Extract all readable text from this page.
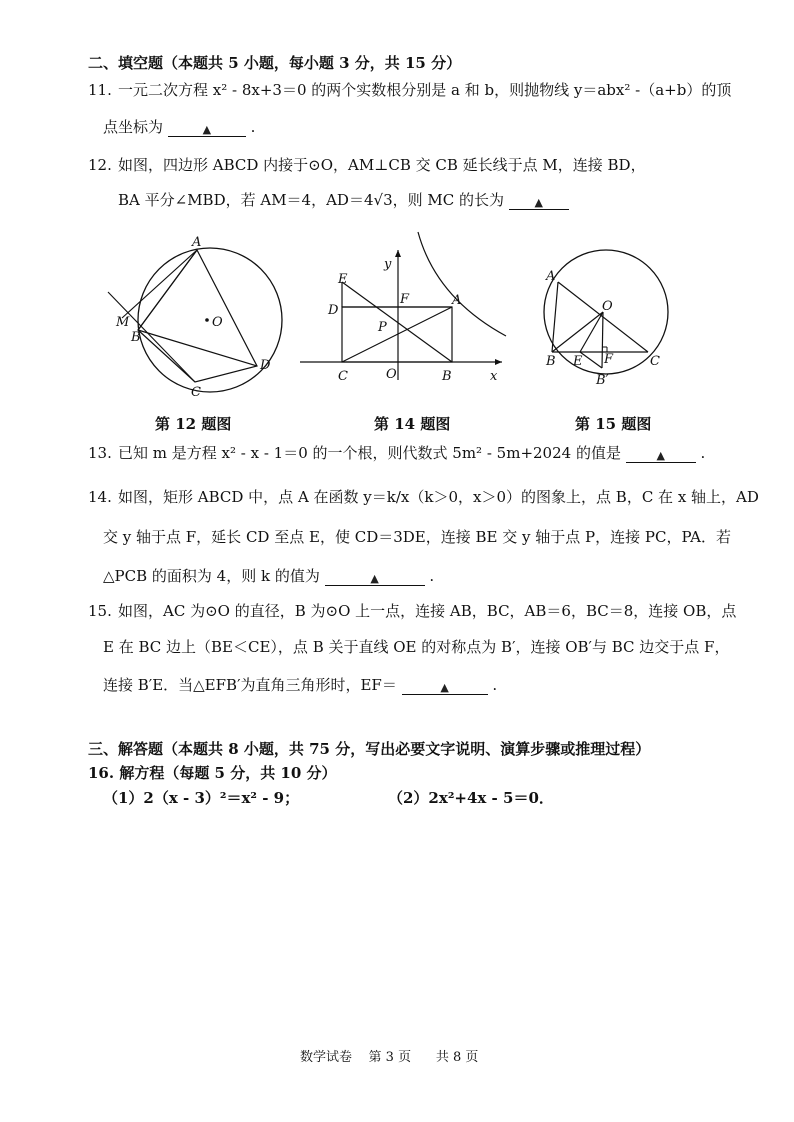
二、填空题（本题共 5 小题，每小题 3 分，共 15 分）
11. 一元二次方程 x² - 8x+3＝0 的两个实数根分别是 a 和 b，则抛物线 y＝abx² -（a+b）的顶
点坐标为	▲	.
12. 如图，四边形 ABCD 内接于⊙O，AM⊥CB 交 CB 延长线于点 M，连接 BD，
BA 平分∠MBD，若 AM＝4，AD＝4√3，则 MC 的长为	▲
A
M
B
O
C
D
第 12 题图
y
E
F	A
D
P
C	O	B	x
第 14 题图
A
O
B E F	C
B′
第 15 题图
13. 已知 m 是方程 x² - x - 1＝0 的一个根，则代数式 5m² - 5m+2024 的值是	▲ .
14. 如图，矩形 ABCD 中，点 A 在函数 y＝k/x（k＞0，x＞0）的图象上，点 B，C 在 x 轴上，AD
交 y 轴于点 F，延长 CD 至点 E，使 CD＝3DE，连接 BE 交 y 轴于点 P，连接 PC，PA．若
△PCB 的面积为 4，则 k 的值为	▲	.
15. 如图，AC 为⊙O 的直径，B 为⊙O 上一点，连接 AB，BC，AB＝6，BC＝8，连接 OB，点
E 在 BC 边上（BE＜CE），点 B 关于直线 OE 的对称点为 B′，连接 OB′与 BC 边交于点 F，
连接 B′E．当△EFB′为直角三角形时，EF＝	▲	.
三、解答题（本题共 8 小题，共 75 分，写出必要文字说明、演算步骤或推理过程）
16. 解方程（每题 5 分，共 10 分）
（1）2（x - 3）²＝x² - 9；	（2）2x²+4x - 5＝0．
数学试卷 第 3 页 共 8 页
